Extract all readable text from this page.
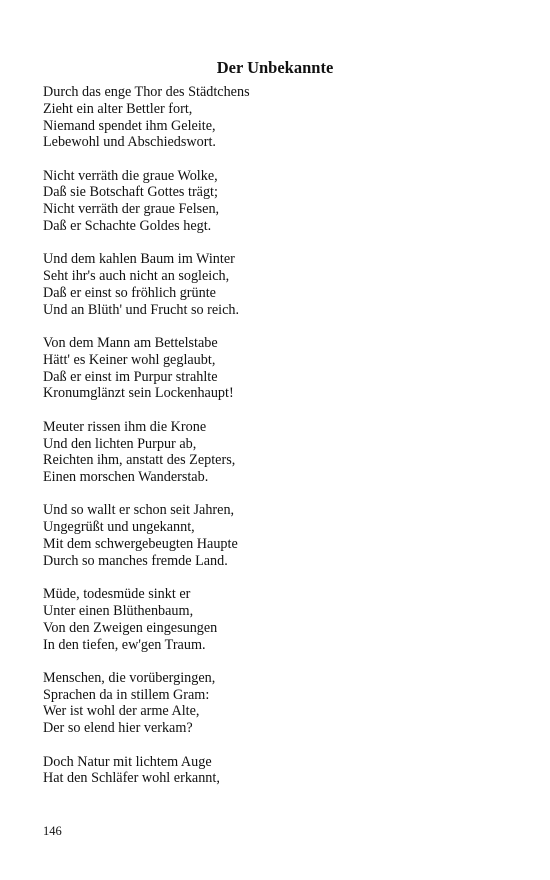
Der Unbekannte
Durch das enge Thor des Städtchens
Zieht ein alter Bettler fort,
Niemand spendet ihm Geleite,
Lebewohl und Abschiedswort.
Nicht verräth die graue Wolke,
Daß sie Botschaft Gottes trägt;
Nicht verräth der graue Felsen,
Daß er Schachte Goldes hegt.
Und dem kahlen Baum im Winter
Seht ihr's auch nicht an sogleich,
Daß er einst so fröhlich grünte
Und an Blüth' und Frucht so reich.
Von dem Mann am Bettelstabe
Hätt' es Keiner wohl geglaubt,
Daß er einst im Purpur strahlte
Kronumglänzt sein Lockenhaupt!
Meuter rissen ihm die Krone
Und den lichten Purpur ab,
Reichten ihm, anstatt des Zepters,
Einen morschen Wanderstab.
Und so wallt er schon seit Jahren,
Ungegrüßt und ungekannt,
Mit dem schwergebeugten Haupte
Durch so manches fremde Land.
Müde, todesmüde sinkt er
Unter einen Blüthenbaum,
Von den Zweigen eingesungen
In den tiefen, ew'gen Traum.
Menschen, die vorübergingen,
Sprachen da in stillem Gram:
Wer ist wohl der arme Alte,
Der so elend hier verkam?
Doch Natur mit lichtem Auge
Hat den Schläfer wohl erkannt,
146
